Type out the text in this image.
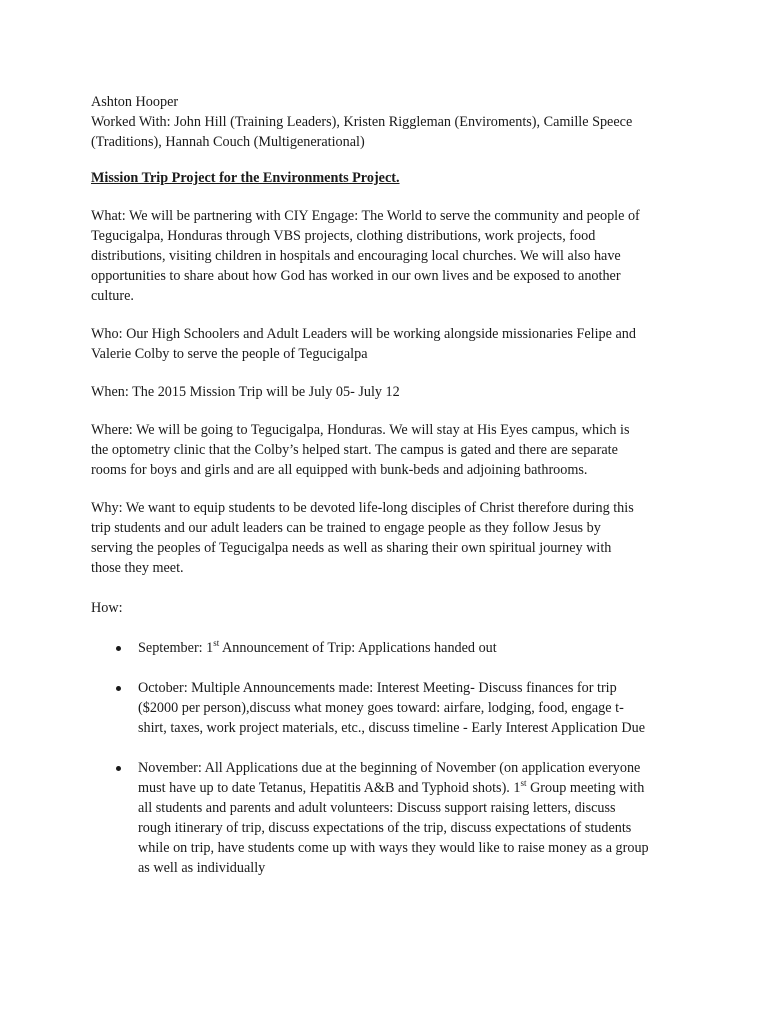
Ashton Hooper
Worked With: John Hill (Training Leaders), Kristen Riggleman (Enviroments), Camille Speece
(Traditions), Hannah Couch (Multigenerational)
Mission Trip Project for the Environments Project.
What: We will be partnering with CIY Engage: The World to serve the community and people of
Tegucigalpa, Honduras through VBS projects, clothing distributions, work projects, food
distributions, visiting children in hospitals and encouraging local churches. We will also have
opportunities to share about how God has worked in our own lives and be exposed to another
culture.
Who: Our High Schoolers and Adult Leaders will be working alongside missionaries Felipe and
Valerie Colby to serve the people of Tegucigalpa
When: The 2015 Mission Trip will be July 05- July 12
Where: We will be going to Tegucigalpa, Honduras. We will stay at His Eyes campus, which is
the optometry clinic that the Colby’s helped start. The campus is gated and there are separate
rooms for boys and girls and are all equipped with bunk-beds and adjoining bathrooms.
Why: We want to equip students to be devoted life-long disciples of Christ therefore during this
trip students and our adult leaders can be trained to engage people as they follow Jesus by
serving the peoples of Tegucigalpa needs as well as sharing their own spiritual journey with
those they meet.
How:
September: 1st Announcement of Trip: Applications handed out
October: Multiple Announcements made: Interest Meeting- Discuss finances for trip
($2000 per person),discuss what money goes toward: airfare, lodging, food, engage t-
shirt, taxes, work project materials, etc., discuss timeline - Early Interest Application Due
November: All Applications due at the beginning of November (on application everyone
must have up to date Tetanus, Hepatitis A&B and Typhoid shots). 1st Group meeting with
all students and parents and adult volunteers: Discuss support raising letters, discuss
rough itinerary of trip, discuss expectations of the trip, discuss expectations of students
while on trip, have students come up with ways they would like to raise money as a group
as well as individually
